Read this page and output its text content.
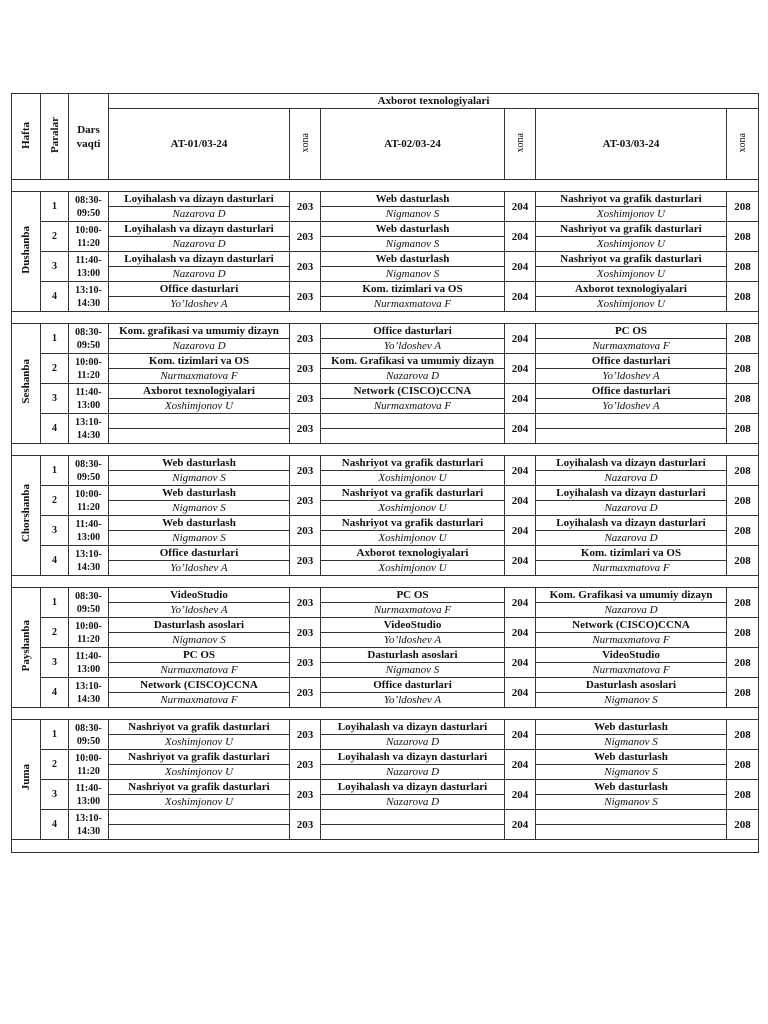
Hafta	Paralar	Dars vaqti	Axborot texnologiyalari					
			AT-01/03-24	xona	AT-02/03-24	xona	AT-03/03-24	xona

Dushanba	1	08:30-
09:50	Loyihalash va dizayn dasturlari	203	Web dasturlash	204	Nashriyot va grafik dasturlari	208
			Nazarova D		Nigmanov S		Xoshimjonov U	
	2	10:00-
11:20	Loyihalash va dizayn dasturlari	203	Web dasturlash	204	Nashriyot va grafik dasturlari	208
			Nazarova D		Nigmanov S		Xoshimjonov U	
	3	11:40-
13:00	Loyihalash va dizayn dasturlari	203	Web dasturlash	204	Nashriyot va grafik dasturlari	208
			Nazarova D		Nigmanov S		Xoshimjonov U	
	4	13:10-
14:30	Office dasturlari	203	Kom. tizimlari va OS	204	Axborot texnologiyalari	208
			Yo’ldoshev A		Nurmaxmatova F		Xoshimjonov U	

Seshanba	1	08:30-
09:50	Kom. grafikasi va umumiy dizayn	203	Office dasturlari	204	PC OS	208
			Nazarova D		Yo’ldoshev A		Nurmaxmatova F	
	2	10:00-
11:20	Kom. tizimlari va OS	203	Kom. Grafikasi va umumiy dizayn	204	Office dasturlari	208
			Nurmaxmatova F		Nazarova D		Yo’ldoshev A	
	3	11:40-
13:00	Axborot texnologiyalari	203	Network (CISCO)CCNA	204	Office dasturlari	208
			Xoshimjonov U		Nurmaxmatova F		Yo’ldoshev A	
	4	13:10-
14:30		203		204		208

Chorshanba	1	08:30-
09:50	Web dasturlash	203	Nashriyot va grafik dasturlari	204	Loyihalash va dizayn dasturlari	208
			Nigmanov S		Xoshimjonov U		Nazarova D	
	2	10:00-
11:20	Web dasturlash	203	Nashriyot va grafik dasturlari	204	Loyihalash va dizayn dasturlari	208
			Nigmanov S		Xoshimjonov U		Nazarova D	
	3	11:40-
13:00	Web dasturlash	203	Nashriyot va grafik dasturlari	204	Loyihalash va dizayn dasturlari	208
			Nigmanov S		Xoshimjonov U		Nazarova D	
	4	13:10-
14:30	Office dasturlari	203	Axborot texnologiyalari	204	Kom. tizimlari va OS	208
			Yo’ldoshev A		Xoshimjonov U		Nurmaxmatova F	

Payshanba	1	08:30-
09:50	VideoStudio	203	PC OS	204	Kom. Grafikasi va umumiy dizayn	208
			Yo’ldoshev A		Nurmaxmatova F		Nazarova D	
	2	10:00-
11:20	Dasturlash asoslari	203	VideoStudio	204	Network (CISCO)CCNA	208
			Nigmanov S		Yo’ldoshev A		Nurmaxmatova F	
	3	11:40-
13:00	PC OS	203	Dasturlash asoslari	204	VideoStudio	208
			Nurmaxmatova F		Nigmanov S		Nurmaxmatova F	
	4	13:10-
14:30	Network (CISCO)CCNA	203	Office dasturlari	204	Dasturlash asoslari	208
			Nurmaxmatova F		Yo’ldoshev A		Nigmanov S	

Juma	1	08:30-
09:50	Nashriyot va grafik dasturlari	203	Loyihalash va dizayn dasturlari	204	Web dasturlash	208
			Xoshimjonov U		Nazarova D		Nigmanov S	
	2	10:00-
11:20	Nashriyot va grafik dasturlari	203	Loyihalash va dizayn dasturlari	204	Web dasturlash	208
			Xoshimjonov U		Nazarova D		Nigmanov S	
	3	11:40-
13:00	Nashriyot va grafik dasturlari	203	Loyihalash va dizayn dasturlari	204	Web dasturlash	208
			Xoshimjonov U		Nazarova D		Nigmanov S	
	4	13:10-
14:30		203		204		208
